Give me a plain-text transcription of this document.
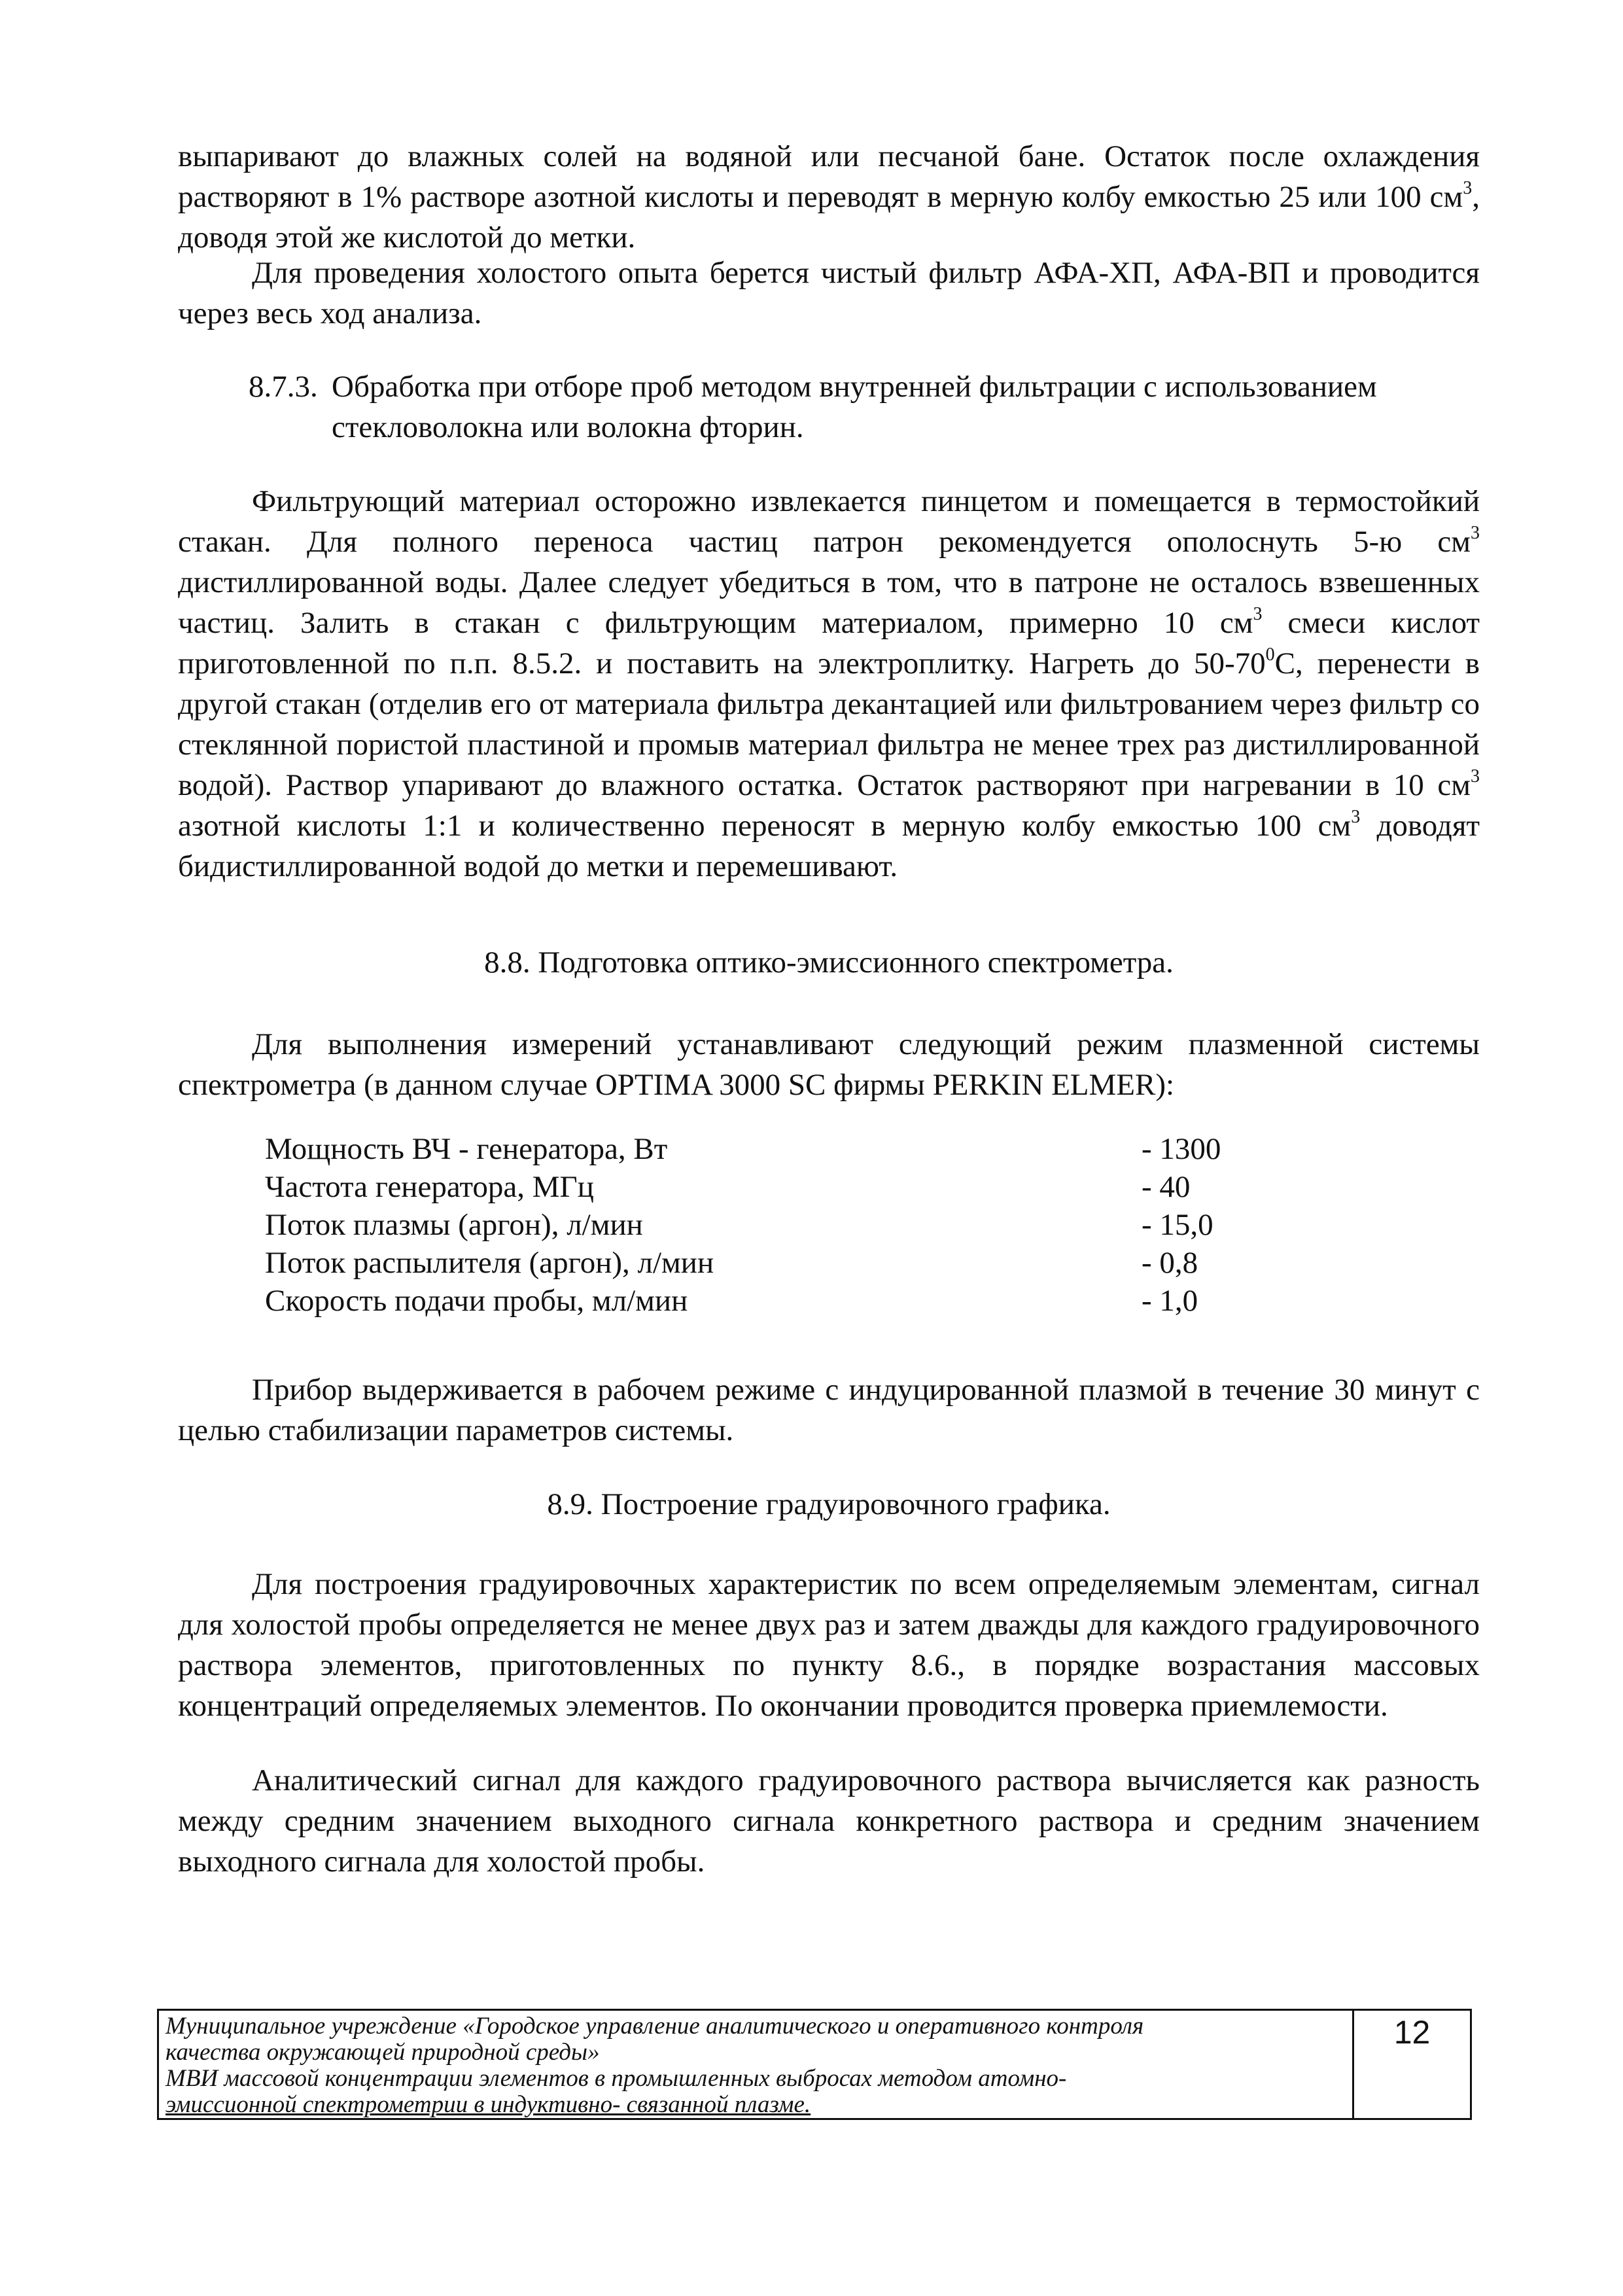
выпаривают до влажных солей на водяной или песчаной бане. Остаток после охлаждения растворяют в 1% растворе азотной кислоты и переводят в мерную колбу емкостью 25 или 100 $см^3$, доводя этой же кислотой до метки.

Для проведения холостого опыта берется чистый фильтр АФА-ХП, АФА-ВП и проводится через весь ход анализа.

8.7.3. Обработка при отборе проб методом внутренней фильтрации с использованием стекловолокна или волокна фторин.

Фильтрующий материал осторожно извлекается пинцетом и помещается в термостойкий стакан. Для полного переноса частиц патрон рекомендуется ополоснуть 5-ю $см^3$ дистиллированной воды. Далее следует убедиться в том, что в патроне не осталось взвешенных частиц. Залить в стакан с фильтрующим материалом, примерно 10 $см^3$ смеси кислот приготовленной по п.п. 8.5.2. и поставить на электроплитку. Нагреть до $50-70^0С$, перенести в другой стакан (отделив его от материала фильтра декантацией или фильтрованием через фильтр со стеклянной пористой пластиной и промыв материал фильтра не менее трех раз дистиллированной водой). Раствор упаривают до влажного остатка. Остаток растворяют при нагревании в 10 $см^3$ азотной кислоты 1:1 и количественно переносят в мерную колбу емкостью 100 $см^3$ доводят бидистиллированной водой до метки и перемешивают.

8.8. Подготовка оптико-эмиссионного спектрометра.

Для выполнения измерений устанавливают следующий режим плазменной системы спектрометра (в данном случае OPTIMA 3000 SC фирмы PERKIN ELMER):

Мощность ВЧ - генератора, Вт	- 1300
Частота генератора, МГц	- 40
Поток плазмы (аргон), л/мин	- 15,0
Поток распылителя (аргон), л/мин	- 0,8
Скорость подачи пробы, мл/мин	- 1,0

Прибор выдерживается в рабочем режиме с индуцированной плазмой в течение 30 минут с целью стабилизации параметров системы.

8.9. Построение градуировочного графика.

Для построения градуировочных характеристик по всем определяемым элементам, сигнал для холостой пробы определяется не менее двух раз и затем дважды для каждого градуировочного раствора элементов, приготовленных по пункту 8.6., в порядке возрастания массовых концентраций определяемых элементов. По окончании проводится проверка приемлемости.

Аналитический сигнал для каждого градуировочного раствора вычисляется как разность между средним значением выходного сигнала конкретного раствора и средним значением выходного сигнала для холостой пробы.

Муниципальное учреждение «Городское управление аналитического и оперативного контроля
качества окружающей природной среды»
МВИ массовой концентрации элементов в промышленных выбросах методом атомно-
эмиссионной спектрометрии в индуктивно- связанной плазме.
12
